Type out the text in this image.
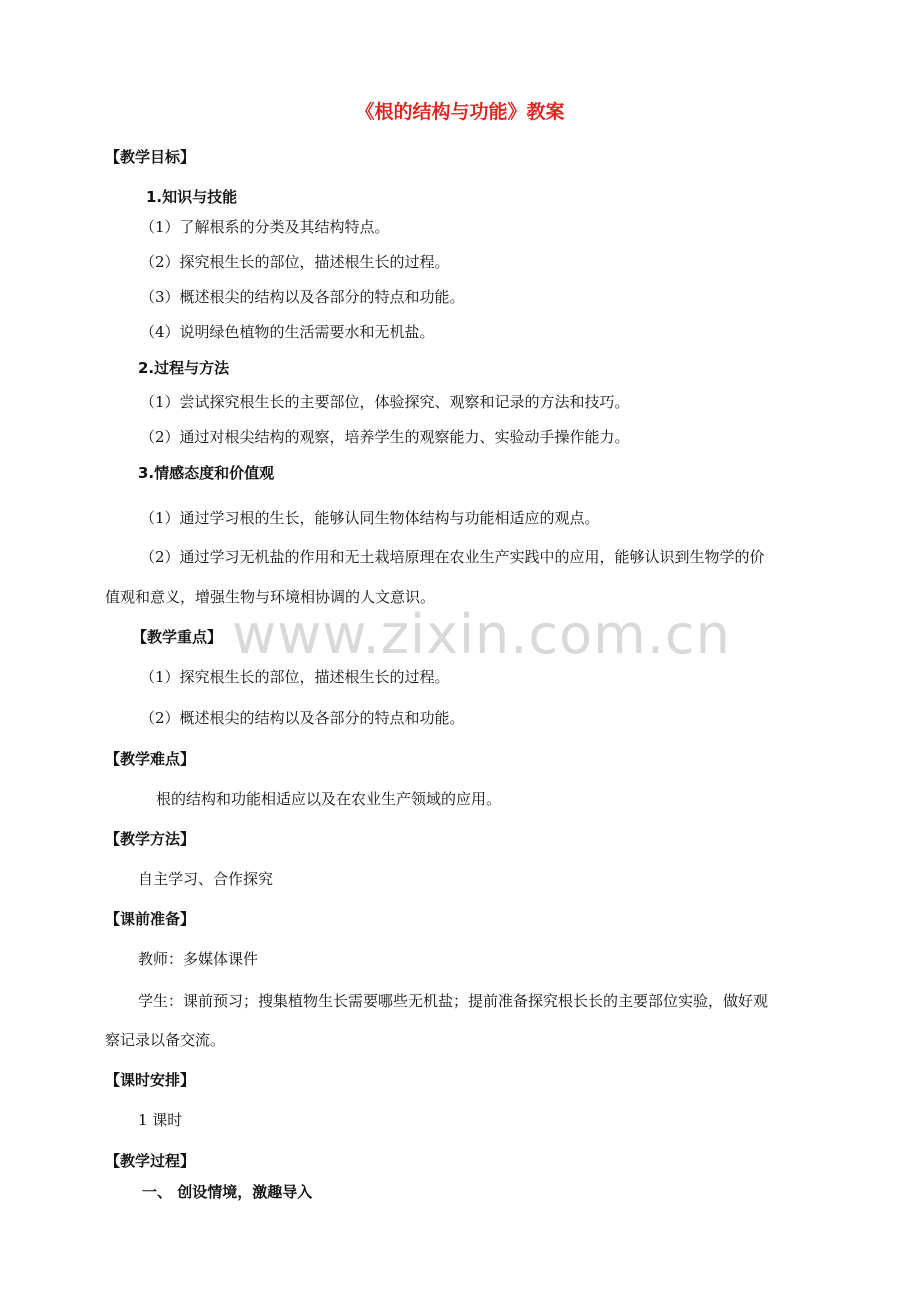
《根的结构与功能》教案
【教学目标】
1.知识与技能
（1）了解根系的分类及其结构特点。
（2）探究根生长的部位，描述根生长的过程。
（3）概述根尖的结构以及各部分的特点和功能。
（4）说明绿色植物的生活需要水和无机盐。
2.过程与方法
（1）尝试探究根生长的主要部位，体验探究、观察和记录的方法和技巧。
（2）通过对根尖结构的观察，培养学生的观察能力、实验动手操作能力。
3.情感态度和价值观
（1）通过学习根的生长，能够认同生物体结构与功能相适应的观点。
（2）通过学习无机盐的作用和无土栽培原理在农业生产实践中的应用，能够认识到生物学的价
值观和意义，增强生物与环境相协调的人文意识。
【教学重点】
（1）探究根生长的部位，描述根生长的过程。
（2）概述根尖的结构以及各部分的特点和功能。
【教学难点】
根的结构和功能相适应以及在农业生产领域的应用。
【教学方法】
自主学习、合作探究
【课前准备】
教师：多媒体课件
学生：课前预习；搜集植物生长需要哪些无机盐；提前准备探究根长长的主要部位实验，做好观
察记录以备交流。
【课时安排】
1 课时
【教学过程】
一、 创设情境，激趣导入
www.zixin.com.cn
